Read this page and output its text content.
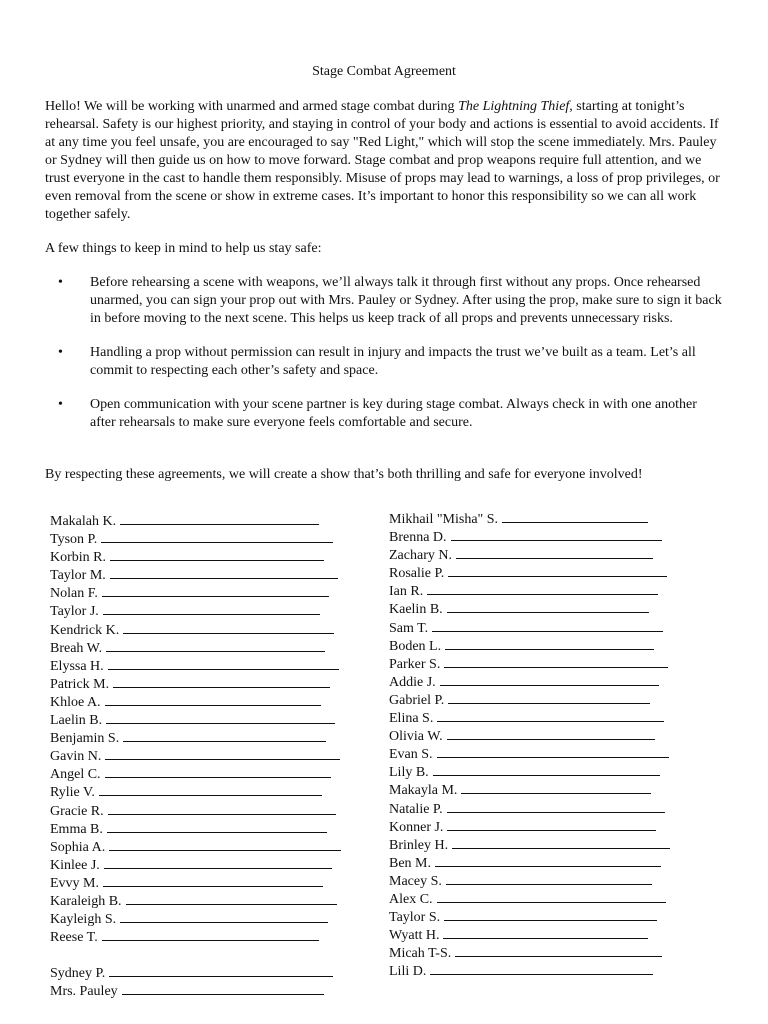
Stage Combat Agreement
Hello! We will be working with unarmed and armed stage combat during The Lightning Thief, starting at tonight’s rehearsal. Safety is our highest priority, and staying in control of your body and actions is essential to avoid accidents. If at any time you feel unsafe, you are encouraged to say "Red Light," which will stop the scene immediately. Mrs. Pauley or Sydney will then guide us on how to move forward. Stage combat and prop weapons require full attention, and we trust everyone in the cast to handle them responsibly. Misuse of props may lead to warnings, a loss of prop privileges, or even removal from the scene or show in extreme cases. It’s important to honor this responsibility so we can all work together safely.
A few things to keep in mind to help us stay safe:
• Before rehearsing a scene with weapons, we’ll always talk it through first without any props. Once rehearsed unarmed, you can sign your prop out with Mrs. Pauley or Sydney. After using the prop, make sure to sign it back in before moving to the next scene. This helps us keep track of all props and prevents unnecessary risks.
• Handling a prop without permission can result in injury and impacts the trust we’ve built as a team. Let’s all commit to respecting each other’s safety and space.
• Open communication with your scene partner is key during stage combat. Always check in with one another after rehearsals to make sure everyone feels comfortable and secure.
By respecting these agreements, we will create a show that’s both thrilling and safe for everyone involved!
Makalah K.
Tyson P.
Korbin R.
Taylor M.
Nolan F.
Taylor J.
Kendrick K.
Breah W.
Elyssa H.
Patrick M.
Khloe A.
Laelin B.
Benjamin S.
Gavin N.
Angel C.
Rylie V.
Gracie R.
Emma B.
Sophia A.
Kinlee J.
Evvy M.
Karaleigh B.
Kayleigh S.
Reese T.
Sydney P.
Mrs. Pauley
Mikhail "Misha" S.
Brenna D.
Zachary N.
Rosalie P.
Ian R.
Kaelin B.
Sam T.
Boden L.
Parker S.
Addie J.
Gabriel P.
Elina S.
Olivia W.
Evan S.
Lily B.
Makayla M.
Natalie P.
Konner J.
Brinley H.
Ben M.
Macey S.
Alex C.
Taylor S.
Wyatt H.
Micah T-S.
Lili D.
